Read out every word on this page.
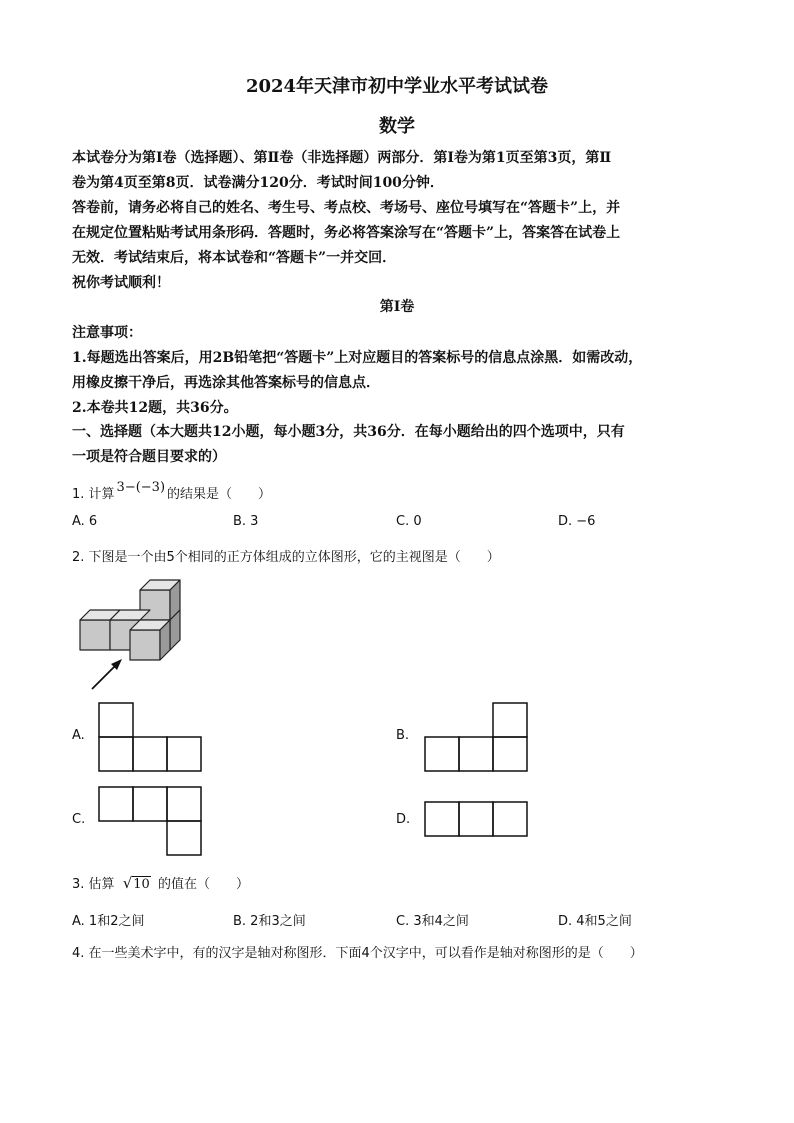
2024年天津市初中学业水平考试试卷
数学
本试卷分为第Ⅰ卷（选择题）、第Ⅱ卷（非选择题）两部分．第Ⅰ卷为第1页至第3页，第Ⅱ
卷为第4页至第8页．试卷满分120分．考试时间100分钟．
答卷前，请务必将自己的姓名、考生号、考点校、考场号、座位号填写在“答题卡”上，并
在规定位置粘贴考试用条形码．答题时，务必将答案涂写在“答题卡”上，答案答在试卷上
无效．考试结束后，将本试卷和“答题卡”一并交回．
祝你考试顺利！
第Ⅰ卷
注意事项：
1.每题选出答案后，用2B铅笔把“答题卡”上对应题目的答案标号的信息点涂黑．如需改动，
用橡皮擦干净后，再选涂其他答案标号的信息点．
2.本卷共12题，共36分。
一、选择题（本大题共12小题，每小题3分，共36分．在每小题给出的四个选项中，只有
一项是符合题目要求的）
1. 计算 3−(−3) 的结果是（　　）
A. 6	B. 3	C. 0	D. −6
2. 下图是一个由5个相同的正方体组成的立体图形，它的主视图是（　　）
A.	B.
C.	D.
3. 估算 √10 的值在（　　）
A. 1和2之间	B. 2和3之间	C. 3和4之间	D. 4和5之间
4. 在一些美术字中，有的汉字是轴对称图形．下面4个汉字中，可以看作是轴对称图形的是（　　）
